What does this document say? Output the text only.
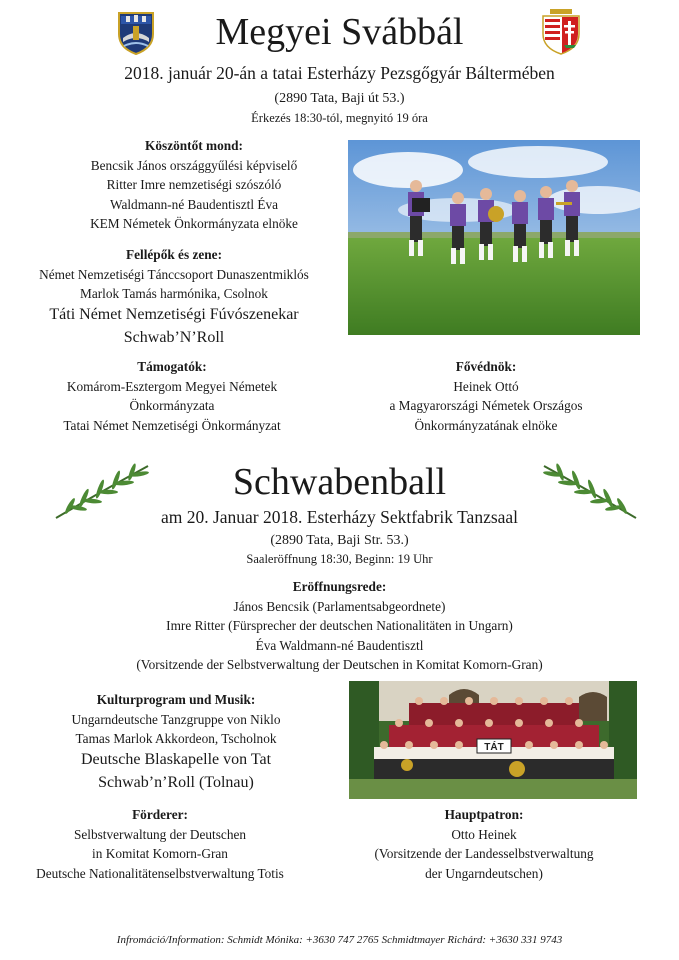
Megyei Svábbál
2018. január 20-án a tatai Esterházy Pezsgőgyár Báltermében
(2890 Tata, Baji út 53.)
Érkezés 18:30-tól, megnyitó 19 óra
Köszöntőt mond:
Bencsik János országgyűlési képviselő
Ritter Imre nemzetiségi szószóló
Waldmann-né Baudentisztl Éva
KEM Németek Önkormányzata elnöke
Fellépők és zene:
Német Nemzetiségi Tánccsoport Dunaszentmiklós
Marlok Tamás harmónika, Csolnok
Táti Német Nemzetiségi Fúvószenekar
Schwab’N’Roll
Támogatók:
Komárom-Esztergom Megyei Németek
Önkormányzata
Tatai Német Nemzetiségi Önkormányzat
Fővédnök:
Heinek Ottó
a Magyarországi Németek Országos
Önkormányzatának elnöke
Schwabenball
am 20. Januar 2018. Esterházy Sektfabrik Tanzsaal
(2890 Tata, Baji Str. 53.)
Saaleröffnung 18:30, Beginn: 19 Uhr
Eröffnungsrede:
János Bencsik (Parlamentsabgeordnete)
Imre Ritter (Fürsprecher der deutschen Nationalitäten in Ungarn)
Éva Waldmann-né Baudentisztl
(Vorsitzende der Selbstverwaltung der Deutschen in Komitat Komorn-Gran)
Kulturprogram und Musik:
Ungarndeutsche Tanzgruppe von Niklo
Tamas Marlok Akkordeon, Tscholnok
Deutsche Blaskapelle von Tat
Schwab’n’Roll (Tolnau)
TÁT
Förderer:
Selbstverwaltung der Deutschen
in Komitat Komorn-Gran
Deutsche Nationalitätenselbstverwaltung Totis
Hauptpatron:
Otto Heinek
(Vorsitzende der Landesselbstverwaltung
der Ungarndeutschen)
Infromáció/Information: Schmidt Mónika: +3630 747 2765 Schmidtmayer Richárd: +3630 331 9743
